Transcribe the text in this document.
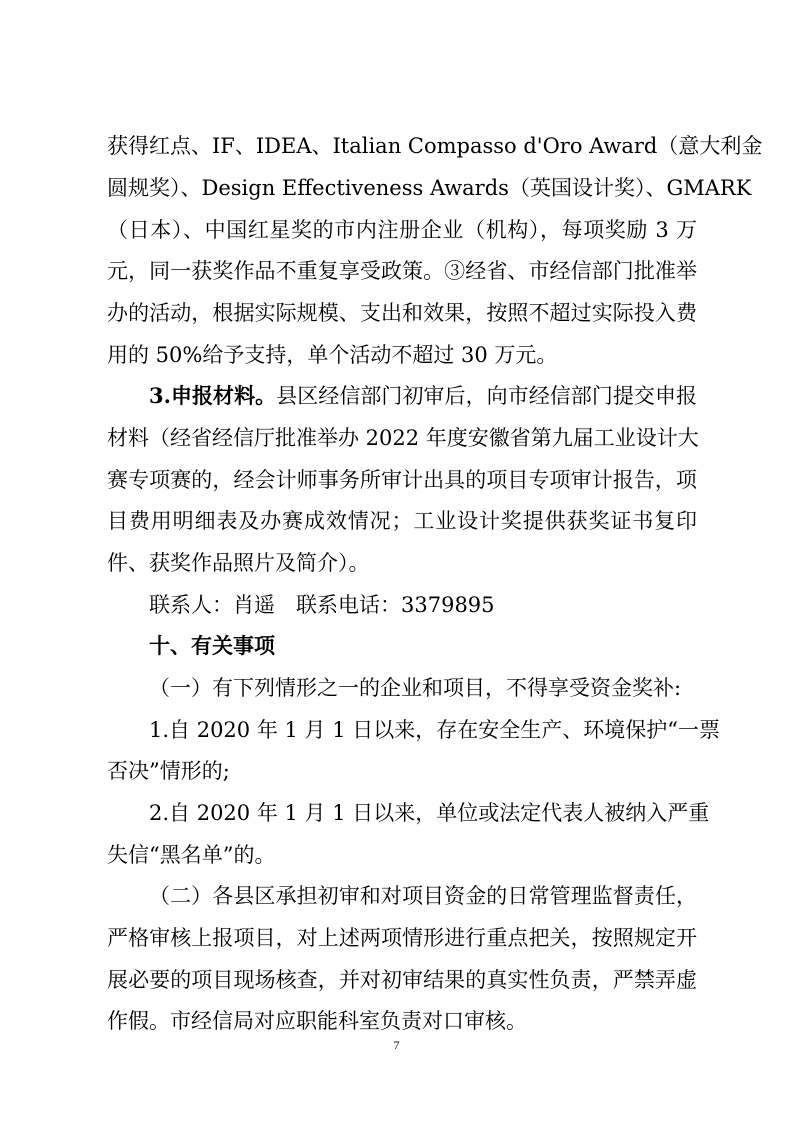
获得红点、IF、IDEA、Italian Compasso d'Oro Award（意大利金
圆规奖）、Design Effectiveness Awards（英国设计奖）、GMARK
（日本）、中国红星奖的市内注册企业（机构），每项奖励 3 万
元，同一获奖作品不重复享受政策。③经省、市经信部门批准举
办的活动，根据实际规模、支出和效果，按照不超过实际投入费
用的 50%给予支持，单个活动不超过 30 万元。
3.申报材料。县区经信部门初审后，向市经信部门提交申报
材料（经省经信厅批准举办 2022 年度安徽省第九届工业设计大
赛专项赛的，经会计师事务所审计出具的项目专项审计报告，项
目费用明细表及办赛成效情况；工业设计奖提供获奖证书复印
件、获奖作品照片及简介）。
联系人：肖遥　联系电话：3379895
十、有关事项
（一）有下列情形之一的企业和项目，不得享受资金奖补:
1.自 2020 年 1 月 1 日以来，存在安全生产、环境保护“一票
否决”情形的;
2.自 2020 年 1 月 1 日以来，单位或法定代表人被纳入严重
失信“黑名单”的。
（二）各县区承担初审和对项目资金的日常管理监督责任，
严格审核上报项目，对上述两项情形进行重点把关，按照规定开
展必要的项目现场核查，并对初审结果的真实性负责，严禁弄虚
作假。市经信局对应职能科室负责对口审核。
7
